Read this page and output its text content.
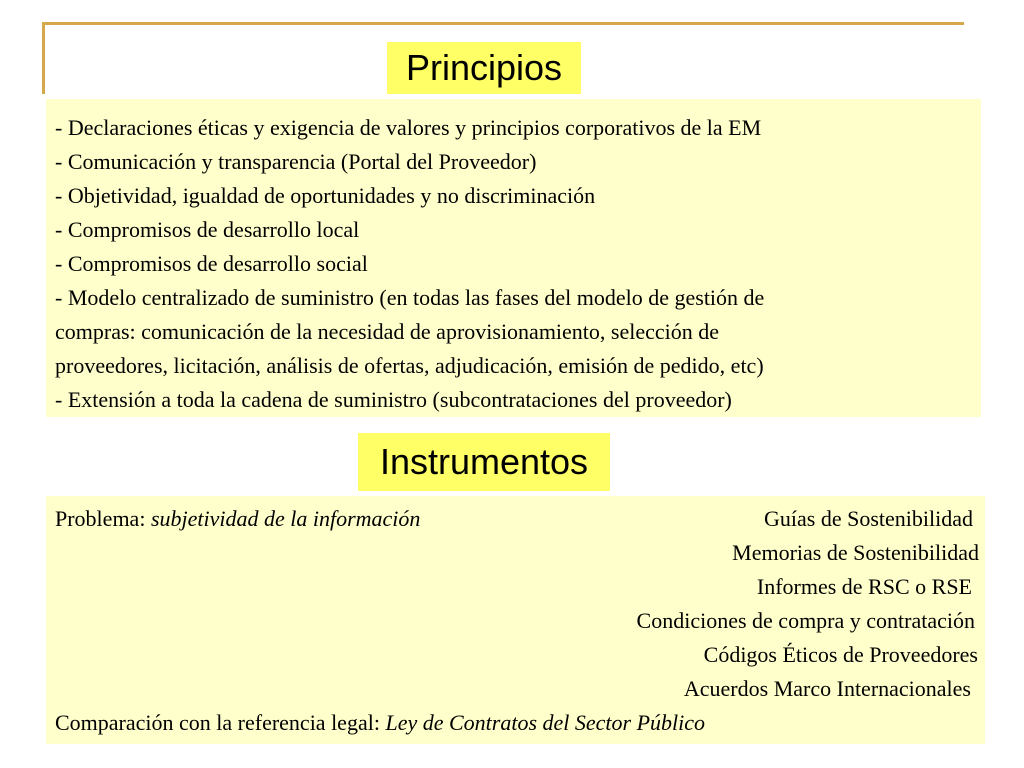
Principios
- Declaraciones éticas y exigencia de valores y principios corporativos de la EM
- Comunicación y transparencia (Portal del Proveedor)
- Objetividad, igualdad de oportunidades y no discriminación
- Compromisos de desarrollo local
- Compromisos de desarrollo social
- Modelo centralizado de suministro (en todas las fases del modelo de gestión de
compras: comunicación de la necesidad de aprovisionamiento, selección de
proveedores, licitación, análisis de ofertas, adjudicación, emisión de pedido, etc)
- Extensión a toda la cadena de suministro (subcontrataciones del proveedor)
Instrumentos
Problema: subjetividad de la información	Guías de Sostenibilidad
Memorias de Sostenibilidad
Informes de RSC o RSE
Condiciones de compra y contratación
Códigos Éticos de Proveedores
Acuerdos Marco Internacionales
Comparación con la referencia legal: Ley de Contratos del Sector Público
